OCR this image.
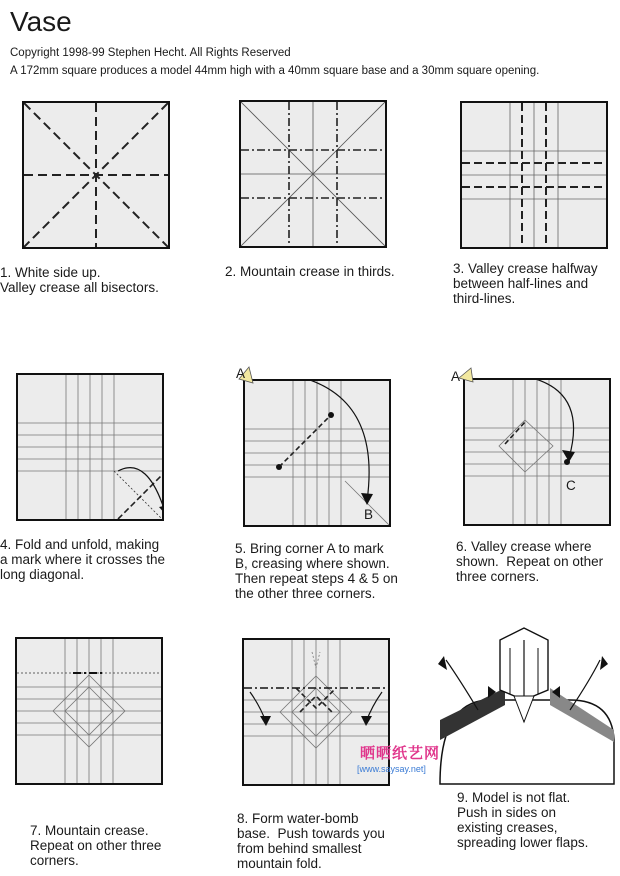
Vase
Copyright 1998-99 Stephen Hecht. All Rights Reserved
A 172mm square produces a model 44mm high with a 40mm square base and a 30mm square opening.
1. White side up.
Valley crease all bisectors.
2. Mountain crease in thirds.	3. Valley crease halfway
between half-lines and
third-lines.
4. Fold and unfold, making
a mark where it crosses the
long diagonal.
A
B
5. Bring corner A to mark
B, creasing where shown.
Then repeat steps 4 & 5 on
the other three corners.
A
C
6. Valley crease where
shown.  Repeat on other
three corners.
7. Mountain crease.
Repeat on other three
corners.
8. Form water-bomb
base.  Push towards you
from behind smallest
mountain fold.
9. Model is not flat.
Push in sides on
existing creases,
spreading lower flaps.
晒晒纸艺网
[www.saysay.net]
